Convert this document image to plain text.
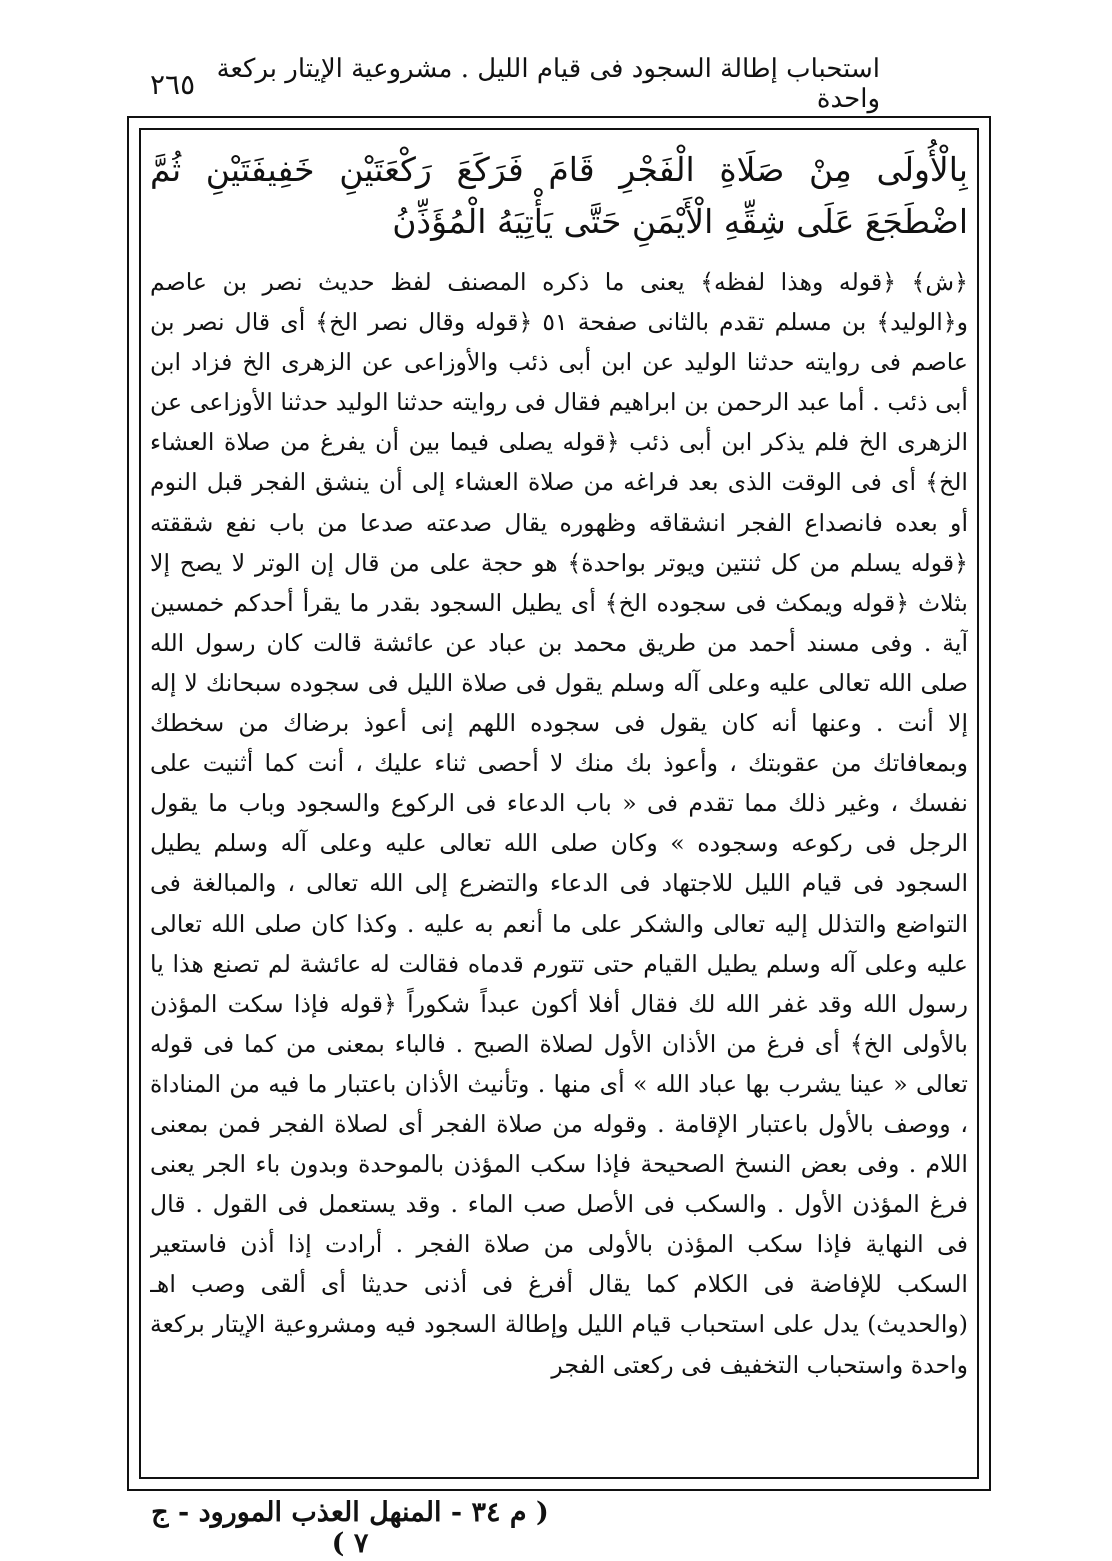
استحباب إطالة السجود فى قيام الليل . مشروعية الإيتار بركعة واحدة
٢٦٥

بِالْأُولَى مِنْ صَلَاةِ الْفَجْرِ قَامَ فَرَكَعَ رَكْعَتَيْنِ خَفِيفَتَيْنِ ثُمَّ اضْطَجَعَ عَلَى شِقِّهِ الْأَيْمَنِ حَتَّى يَأْتِيَهُ الْمُؤَذِّنُ

﴿ش﴾ ﴿قوله وهذا لفظه﴾ يعنى ما ذكره المصنف لفظ حديث نصر بن عاصم و﴿الوليد﴾ بن مسلم تقدم بالثانى صفحة ٥١ ﴿قوله وقال نصر الخ﴾ أى قال نصر بن عاصم فى روايته حدثنا الوليد عن ابن أبى ذئب والأوزاعى عن الزهرى الخ فزاد ابن أبى ذئب . أما عبد الرحمن بن ابراهيم فقال فى روايته حدثنا الوليد حدثنا الأوزاعى عن الزهرى الخ فلم يذكر ابن أبى ذئب ﴿قوله يصلى فيما بين أن يفرغ من صلاة العشاء الخ﴾ أى فى الوقت الذى بعد فراغه من صلاة العشاء إلى أن ينشق الفجر قبل النوم أو بعده فانصداع الفجر انشقاقه وظهوره يقال صدعته صدعا من باب نفع شققته ﴿قوله يسلم من كل ثنتين ويوتر بواحدة﴾ هو حجة على من قال إن الوتر لا يصح إلا بثلاث ﴿قوله ويمكث فى سجوده الخ﴾ أى يطيل السجود بقدر ما يقرأ أحدكم خمسين آية . وفى مسند أحمد من طريق محمد بن عباد عن عائشة قالت كان رسول الله صلى الله تعالى عليه وعلى آله وسلم يقول فى صلاة الليل فى سجوده سبحانك لا إله إلا أنت . وعنها أنه كان يقول فى سجوده اللهم إنى أعوذ برضاك من سخطك وبمعافاتك من عقوبتك ، وأعوذ بك منك لا أحصى ثناء عليك ، أنت كما أثنيت على نفسك ، وغير ذلك مما تقدم فى « باب الدعاء فى الركوع والسجود وباب ما يقول الرجل فى ركوعه وسجوده » وكان صلى الله تعالى عليه وعلى آله وسلم يطيل السجود فى قيام الليل للاجتهاد فى الدعاء والتضرع إلى الله تعالى ، والمبالغة فى التواضع والتذلل إليه تعالى والشكر على ما أنعم به عليه . وكذا كان صلى الله تعالى عليه وعلى آله وسلم يطيل القيام حتى تتورم قدماه فقالت له عائشة لم تصنع هذا يا رسول الله وقد غفر الله لك فقال أفلا أكون عبداً شكوراً ﴿قوله فإذا سكت المؤذن بالأولى الخ﴾ أى فرغ من الأذان الأول لصلاة الصبح . فالباء بمعنى من كما فى قوله تعالى « عينا يشرب بها عباد الله » أى منها . وتأنيث الأذان باعتبار ما فيه من المناداة ، ووصف بالأول باعتبار الإقامة . وقوله من صلاة الفجر أى لصلاة الفجر فمن بمعنى اللام . وفى بعض النسخ الصحيحة فإذا سكب المؤذن بالموحدة وبدون باء الجر يعنى فرغ المؤذن الأول . والسكب فى الأصل صب الماء . وقد يستعمل فى القول . قال فى النهاية فإذا سكب المؤذن بالأولى من صلاة الفجر . أرادت إذا أذن فاستعير السكب للإفاضة فى الكلام كما يقال أفرغ فى أذنى حديثا أى ألقى وصب اهـ (والحديث) يدل على استحباب قيام الليل وإطالة السجود فيه ومشروعية الإيتار بركعة واحدة واستحباب التخفيف فى ركعتى الفجر

( م ٣٤ - المنهل العذب المورود - ج ٧ )
